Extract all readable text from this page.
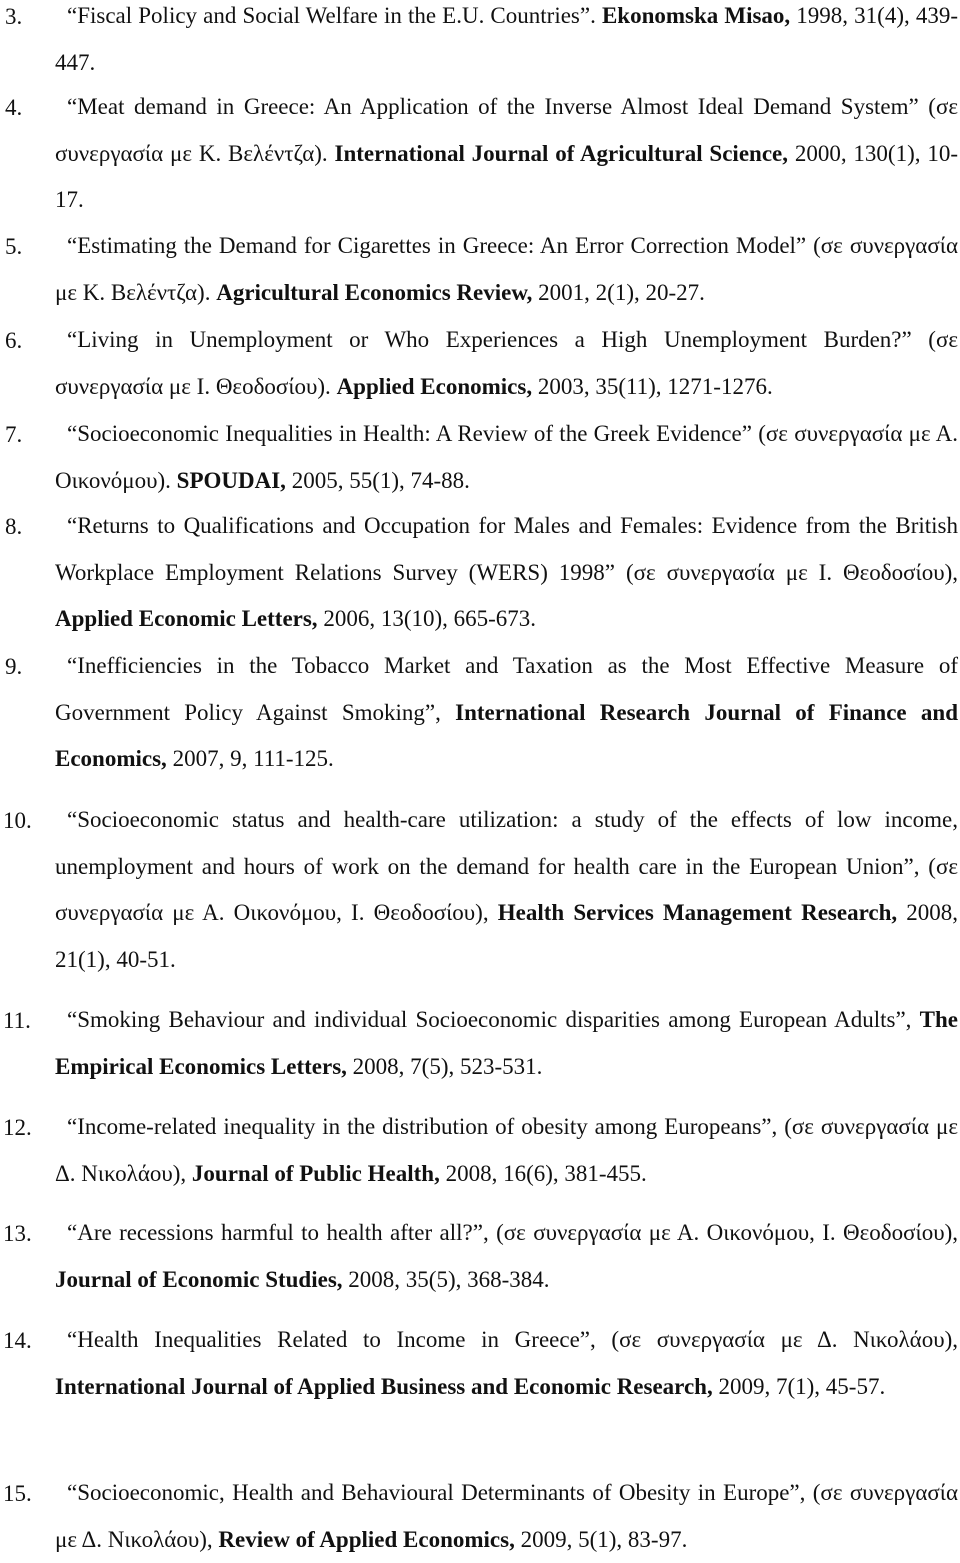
3.	“Fiscal Policy and Social Welfare in the E.U. Countries”. Ekonomska Misao, 1998, 31(4), 439-447.
4.	“Meat demand in Greece: An Application of the Inverse Almost Ideal Demand System” (σε συνεργασία με Κ. Βελέντζα). International Journal of Agricultural Science, 2000, 130(1), 10-17.
5.	“Estimating the Demand for Cigarettes in Greece: An Error Correction Model” (σε συνεργασία με Κ. Βελέντζα). Agricultural Economics Review, 2001, 2(1), 20-27.
6.	“Living in Unemployment or Who Experiences a High Unemployment Burden?” (σε συνεργασία με Ι. Θεοδοσίου). Applied Economics, 2003, 35(11), 1271-1276.
7.	“Socioeconomic Inequalities in Health: A Review of the Greek Evidence” (σε συνεργασία με Α. Οικονόμου). SPOUDAI, 2005, 55(1), 74-88.
8.	“Returns to Qualifications and Occupation for Males and Females: Evidence from the British Workplace Employment Relations Survey (WERS) 1998” (σε συνεργασία με Ι. Θεοδοσίου), Applied Economic Letters, 2006, 13(10), 665-673.
9.	“Inefficiencies in the Tobacco Market and Taxation as the Most Effective Measure of Government Policy Against Smoking”, International Research Journal of Finance and Economics, 2007, 9, 111-125.
10.	“Socioeconomic status and health-care utilization: a study of the effects of low income, unemployment and hours of work on the demand for health care in the European Union”, (σε συνεργασία με Α. Οικονόμου, Ι. Θεοδοσίου), Health Services Management Research, 2008, 21(1), 40-51.
11.	“Smoking Behaviour and individual Socioeconomic disparities among European Adults”, The Empirical Economics Letters, 2008, 7(5), 523-531.
12.	“Income-related inequality in the distribution of obesity among Europeans”, (σε συνεργασία με Δ. Νικολάου), Journal of Public Health, 2008, 16(6), 381-455.
13.	“Are recessions harmful to health after all?”, (σε συνεργασία με Α. Οικονόμου, Ι. Θεοδοσίου), Journal of Economic Studies, 2008, 35(5), 368-384.
14.	“Health Inequalities Related to Income in Greece”, (σε συνεργασία με Δ. Νικολάου), International Journal of Applied Business and Economic Research, 2009, 7(1), 45-57.
15.	“Socioeconomic, Health and Behavioural Determinants of Obesity in Europe”, (σε συνεργασία με Δ. Νικολάου), Review of Applied Economics, 2009, 5(1), 83-97.
